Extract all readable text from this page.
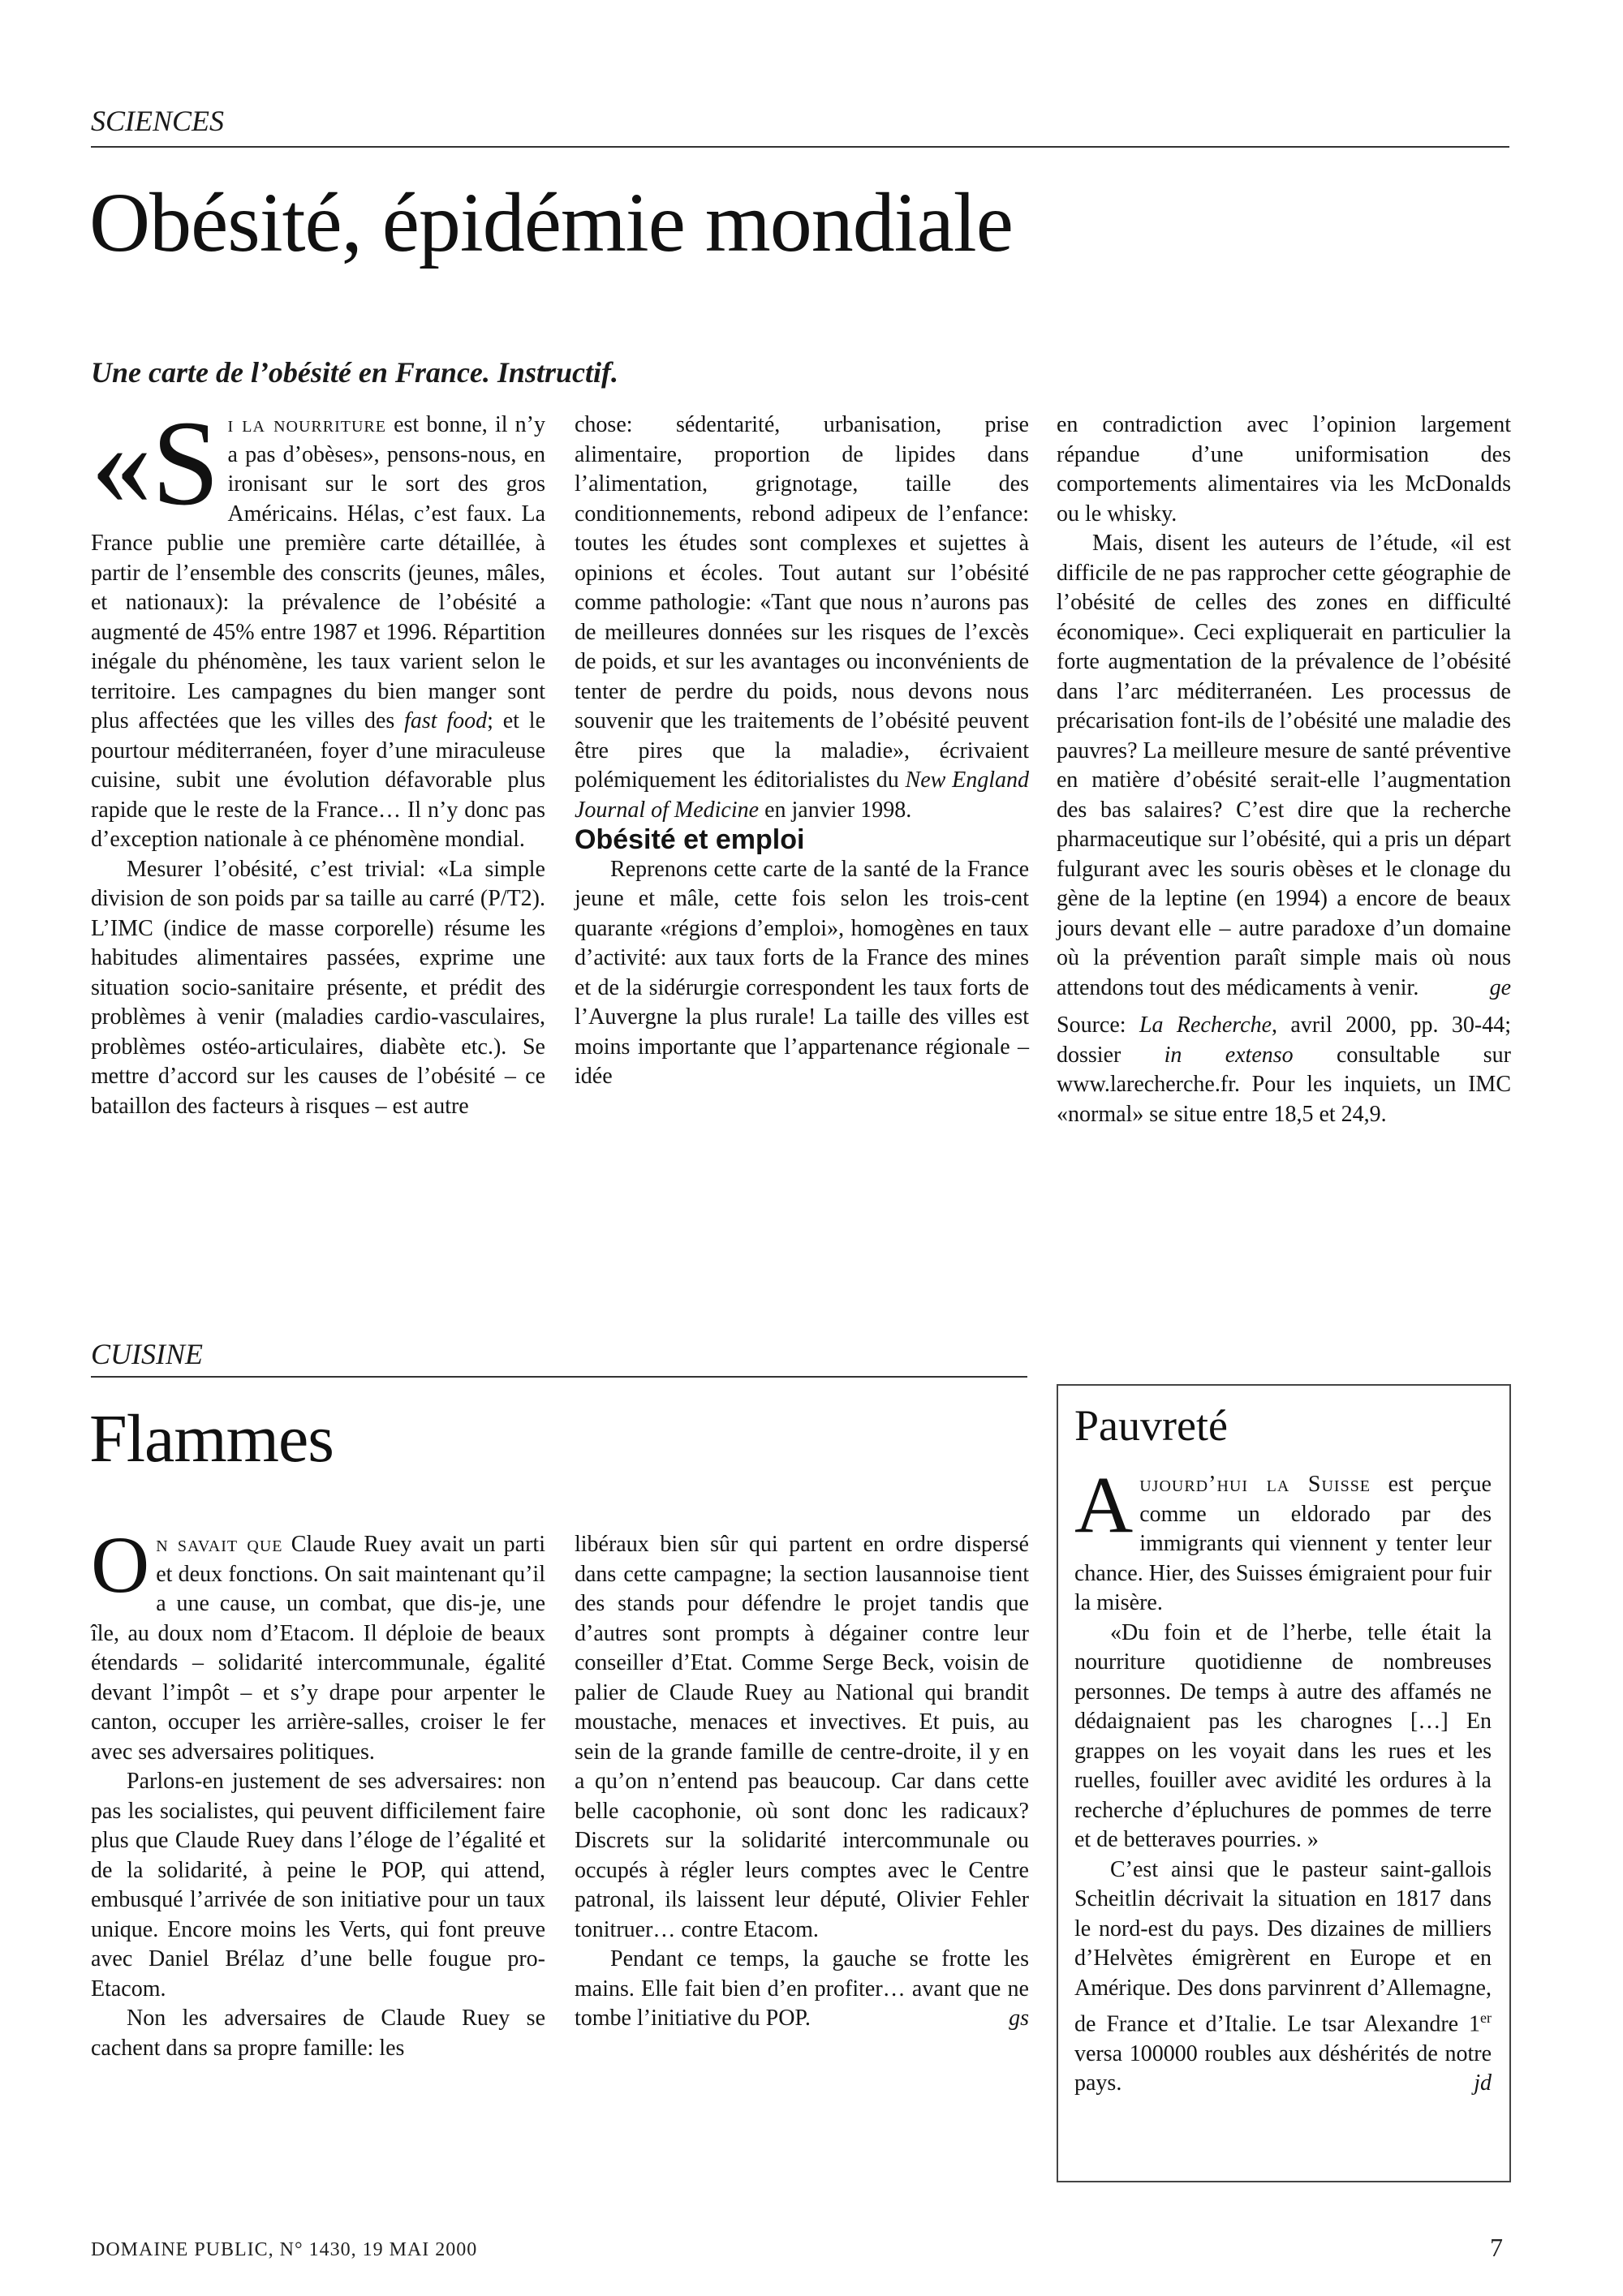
SCIENCES
Obésité, épidémie mondiale
Une carte de l’obésité en France. Instructif.

«Si la nourriture est bonne, il n’y a pas d’obèses», pensons-nous, en ironisant sur le sort des gros Américains. Hélas, c’est faux. La France publie une première carte détaillée, à partir de l’ensemble des conscrits (jeunes, mâles, et nationaux): la prévalence de l’obésité a augmenté de 45% entre 1987 et 1996. Répartition inégale du phénomène, les taux varient selon le territoire. Les campagnes du bien manger sont plus affectées que les villes des fast food; et le pourtour méditerranéen, foyer d’une miraculeuse cuisine, subit une évolution défavorable plus rapide que le reste de la France… Il n’y donc pas d’exception nationale à ce phénomène mondial.

Mesurer l’obésité, c’est trivial: «La simple division de son poids par sa taille au carré (P/T2). L’IMC (indice de masse corporelle) résume les habitudes alimentaires passées, exprime une situation socio-sanitaire présente, et prédit des problèmes à venir (maladies cardio-vasculaires, problèmes ostéo-articulaires, diabète etc.). Se mettre d’accord sur les causes de l’obésité – ce bataillon des facteurs à risques – est autre

chose: sédentarité, urbanisation, prise alimentaire, proportion de lipides dans l’alimentation, grignotage, taille des conditionnements, rebond adipeux de l’enfance: toutes les études sont complexes et sujettes à opinions et écoles. Tout autant sur l’obésité comme pathologie: «Tant que nous n’aurons pas de meilleures données sur les risques de l’excès de poids, et sur les avantages ou inconvénients de tenter de perdre du poids, nous devons nous souvenir que les traitements de l’obésité peuvent être pires que la maladie», écrivaient polémiquement les éditorialistes du New England Journal of Medicine en janvier 1998.

Obésité et emploi

Reprenons cette carte de la santé de la France jeune et mâle, cette fois selon les trois-cent quarante «régions d’emploi», homogènes en taux d’activité: aux taux forts de la France des mines et de la sidérurgie correspondent les taux forts de l’Auvergne la plus rurale! La taille des villes est moins importante que l’appartenance régionale – idée

en contradiction avec l’opinion largement répandue d’une uniformisation des comportements alimentaires via les McDonalds ou le whisky.

Mais, disent les auteurs de l’étude, «il est difficile de ne pas rapprocher cette géographie de l’obésité de celles des zones en difficulté économique». Ceci expliquerait en particulier la forte augmentation de la prévalence de l’obésité dans l’arc méditerranéen. Les processus de précarisation font-ils de l’obésité une maladie des pauvres? La meilleure mesure de santé préventive en matière d’obésité serait-elle l’augmentation des bas salaires? C’est dire que la recherche pharmaceutique sur l’obésité, qui a pris un départ fulgurant avec les souris obèses et le clonage du gène de la leptine (en 1994) a encore de beaux jours devant elle – autre paradoxe d’un domaine où la prévention paraît simple mais où nous attendons tout des médicaments à venir.	ge

Source: La Recherche, avril 2000, pp. 30-44; dossier in extenso consultable sur www.larecherche.fr. Pour les inquiets, un IMC «normal» se situe entre 18,5 et 24,9.

CUISINE
Flammes

On savait que Claude Ruey avait un parti et deux fonctions. On sait maintenant qu’il a une cause, un combat, que dis-je, une île, au doux nom d’Etacom. Il déploie de beaux étendards – solidarité intercommunale, égalité devant l’impôt – et s’y drape pour arpenter le canton, occuper les arrière-salles, croiser le fer avec ses adversaires politiques.

Parlons-en justement de ses adversaires: non pas les socialistes, qui peuvent difficilement faire plus que Claude Ruey dans l’éloge de l’égalité et de la solidarité, à peine le POP, qui attend, embusqué l’arrivée de son initiative pour un taux unique. Encore moins les Verts, qui font preuve avec Daniel Brélaz d’une belle fougue pro-Etacom.

Non les adversaires de Claude Ruey se cachent dans sa propre famille: les

libéraux bien sûr qui partent en ordre dispersé dans cette campagne; la section lausannoise tient des stands pour défendre le projet tandis que d’autres sont prompts à dégainer contre leur conseiller d’Etat. Comme Serge Beck, voisin de palier de Claude Ruey au National qui brandit moustache, menaces et invectives. Et puis, au sein de la grande famille de centre-droite, il y en a qu’on n’entend pas beaucoup. Car dans cette belle cacophonie, où sont donc les radicaux? Discrets sur la solidarité intercommunale ou occupés à régler leurs comptes avec le Centre patronal, ils laissent leur député, Olivier Fehler tonitruer… contre Etacom.

Pendant ce temps, la gauche se frotte les mains. Elle fait bien d’en profiter… avant que ne tombe l’initiative du POP.	gs

Pauvreté

Aujourd’hui la Suisse est perçue comme un eldorado par des immigrants qui viennent y tenter leur chance. Hier, des Suisses émigraient pour fuir la misère.

«Du foin et de l’herbe, telle était la nourriture quotidienne de nombreuses personnes. De temps à autre des affamés ne dédaignaient pas les charognes […] En grappes on les voyait dans les rues et les ruelles, fouiller avec avidité les ordures à la recherche d’épluchures de pommes de terre et de betteraves pourries. »

C’est ainsi que le pasteur saint-gallois Scheitlin décrivait la situation en 1817 dans le nord-est du pays. Des dizaines de milliers d’Helvètes émigrèrent en Europe et en Amérique. Des dons parvinrent d’Allemagne, de France et d’Italie. Le tsar Alexandre 1er versa 100000 roubles aux déshérités de notre pays.	jd

DOMAINE PUBLIC, N° 1430, 19 MAI 2000	7
